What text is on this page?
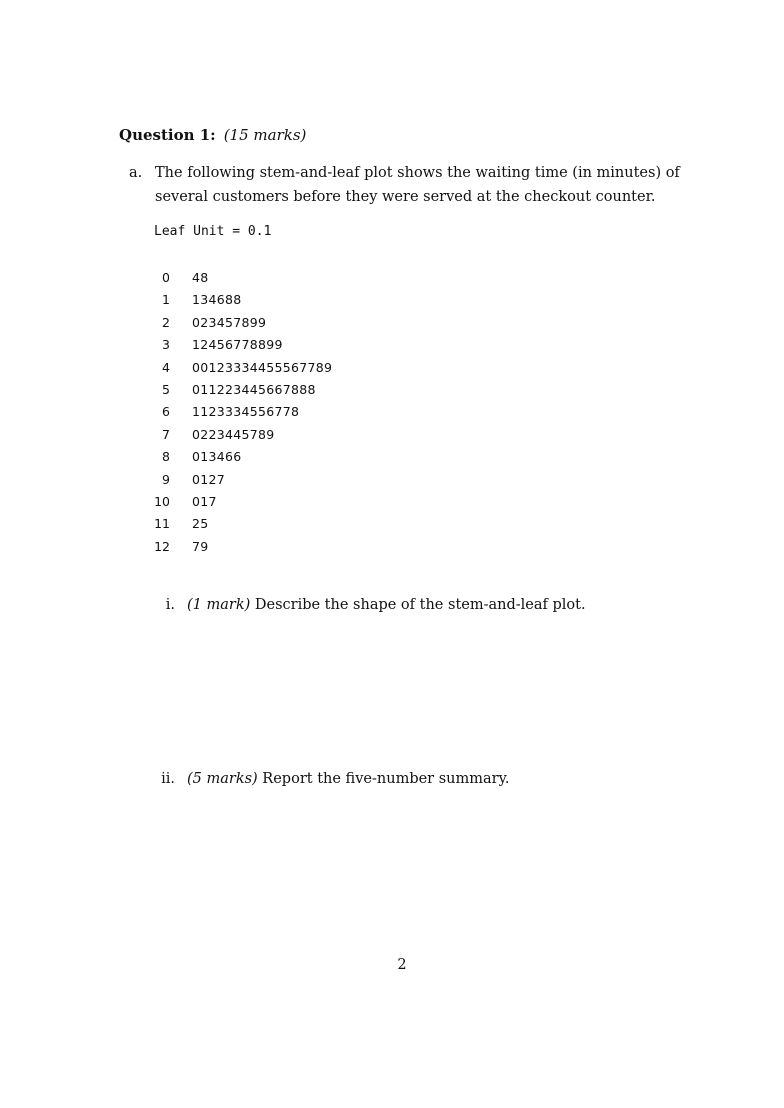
Question 1: (15 marks)
a. The following stem-and-leaf plot shows the waiting time (in minutes) of several customers before they were served at the checkout counter.
Leaf Unit = 0.1
0 48
1 134688
2 023457899
3 12456778899
4 00123334455567789
5 011223445667888
6 1123334556778
7 0223445789
8 013466
9 0127
10 017
11 25
12 79
i. (1 mark) Describe the shape of the stem-and-leaf plot.
ii. (5 marks) Report the five-number summary.
2
